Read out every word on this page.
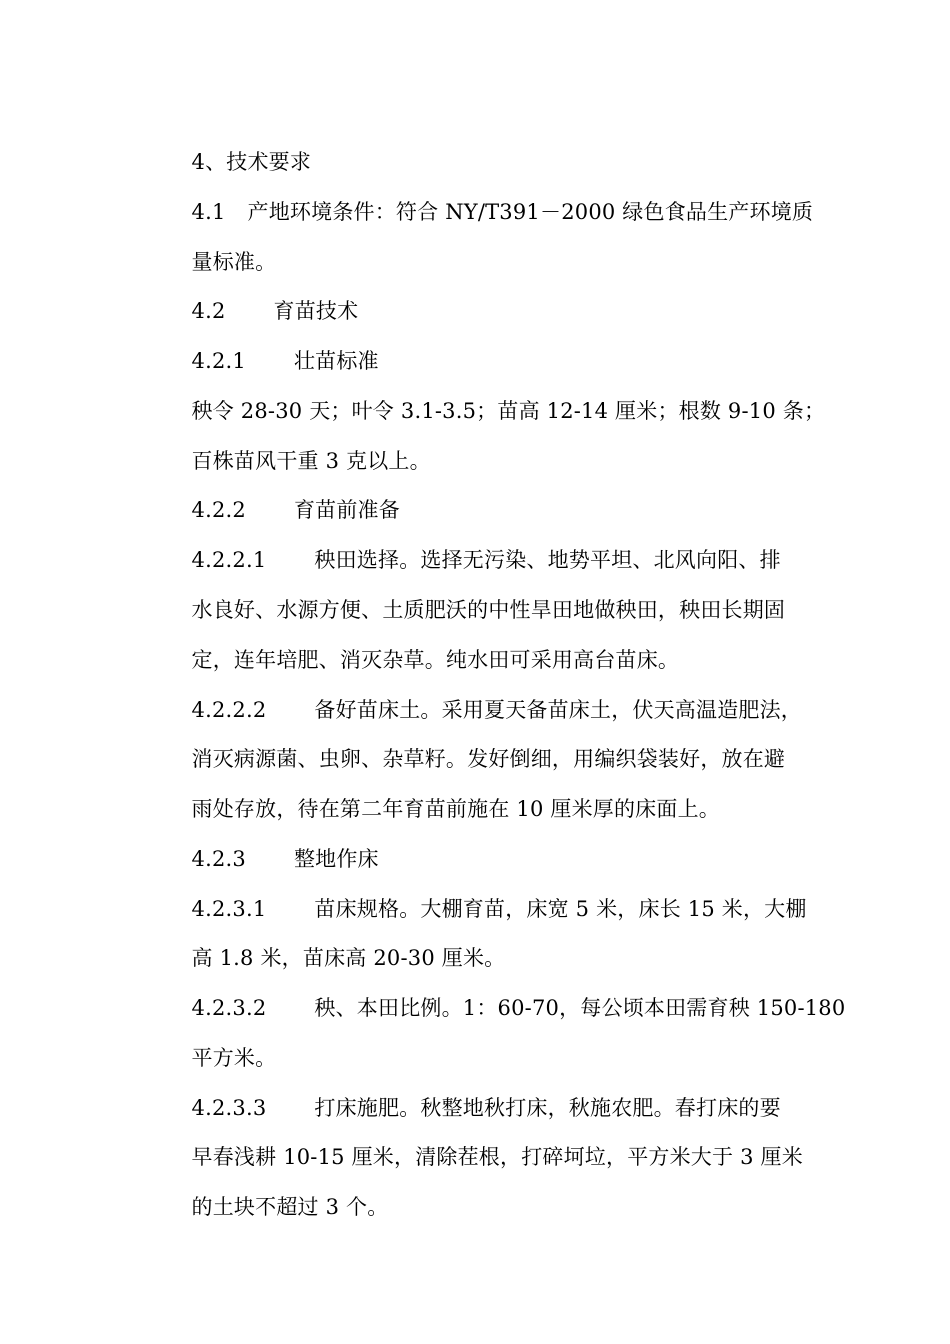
4、技术要求

4.1 产地环境条件：符合 NY/T391－2000 绿色食品生产环境质

量标准。

4.2 育苗技术

4.2.1 壮苗标准

秧令 28-30 天；叶令 3.1-3.5；苗高 12-14 厘米；根数 9-10 条；

百株苗风干重 3 克以上。

4.2.2 育苗前准备

4.2.2.1 秧田选择。选择无污染、地势平坦、北风向阳、排

水良好、水源方便、土质肥沃的中性旱田地做秧田，秧田长期固

定，连年培肥、消灭杂草。纯水田可采用高台苗床。

4.2.2.2 备好苗床土。采用夏天备苗床土，伏天高温造肥法，

消灭病源菌、虫卵、杂草籽。发好倒细，用编织袋装好，放在避

雨处存放，待在第二年育苗前施在 10 厘米厚的床面上。

4.2.3 整地作床

4.2.3.1 苗床规格。大棚育苗，床宽 5 米，床长 15 米，大棚

高 1.8 米，苗床高 20-30 厘米。

4.2.3.2 秧、本田比例。1：60-70，每公顷本田需育秧 150-180

平方米。

4.2.3.3 打床施肥。秋整地秋打床，秋施农肥。春打床的要

早春浅耕 10-15 厘米，清除茬根，打碎坷垃，平方米大于 3 厘米

的土块不超过 3 个。
